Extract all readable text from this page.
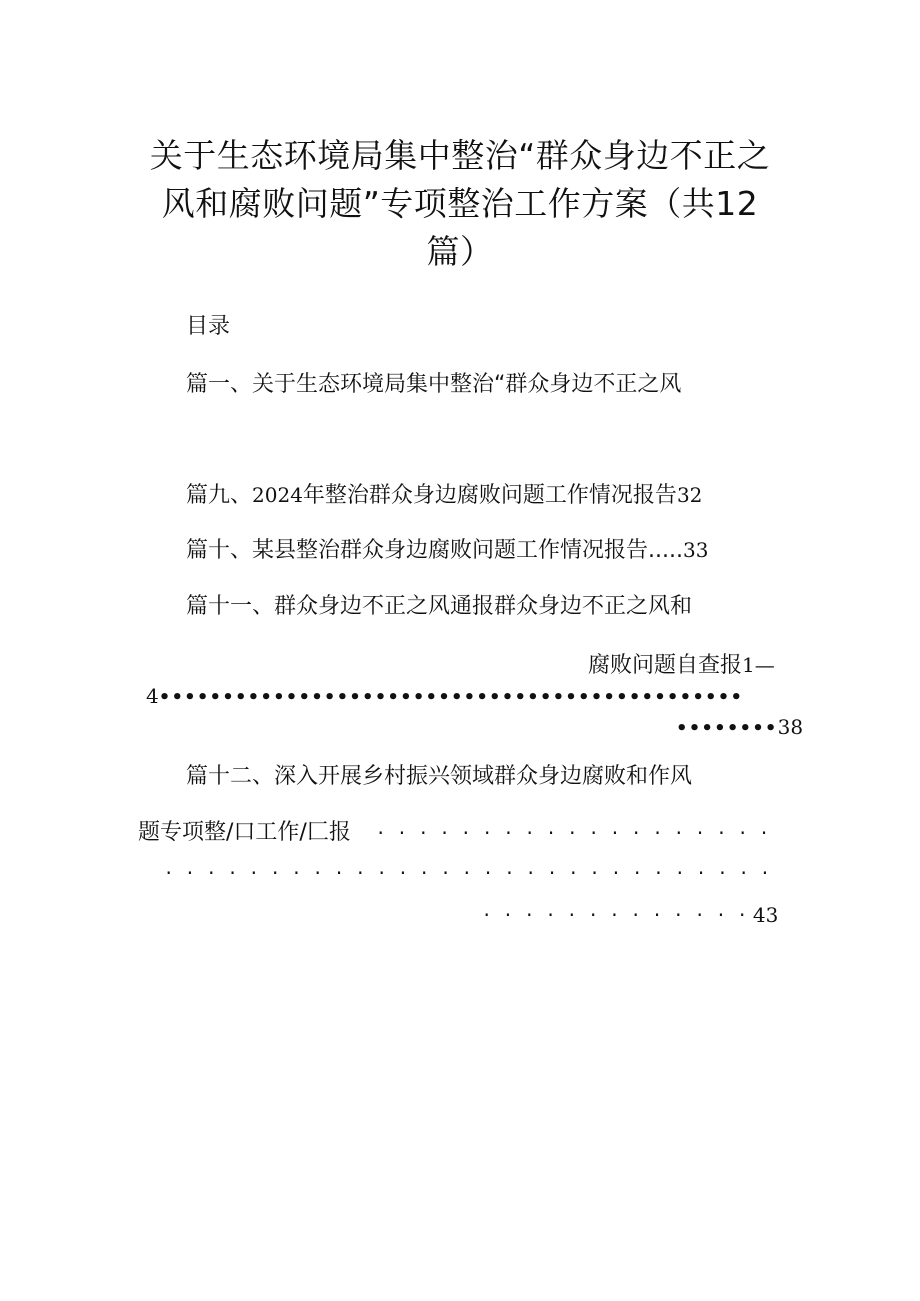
关于生态环境局集中整治“群众身边不正之
风和腐败问题”专项整治工作方案（共12
篇）
目录
篇一、关于生态环境局集中整治“群众身边不正之风
篇九、2024年整治群众身边腐败问题工作情况报告32
篇十、某县整治群众身边腐败问题工作情况报告.....33
篇十一、群众身边不正之风通报群众身边不正之风和
腐败问题自查报1—
4••••••••••••••••••••••••••••••••••••••••••••••
••••••••38
篇十二、深入开展乡村振兴领域群众身边腐败和作风
题专项整/口工作/匚报	· · · · · · · · · · · · · · · · · · ·
· · · · · · · · · · · · · · · · · · · · · · · · · · · · ·
· · · · · · · · · · · · · 43
